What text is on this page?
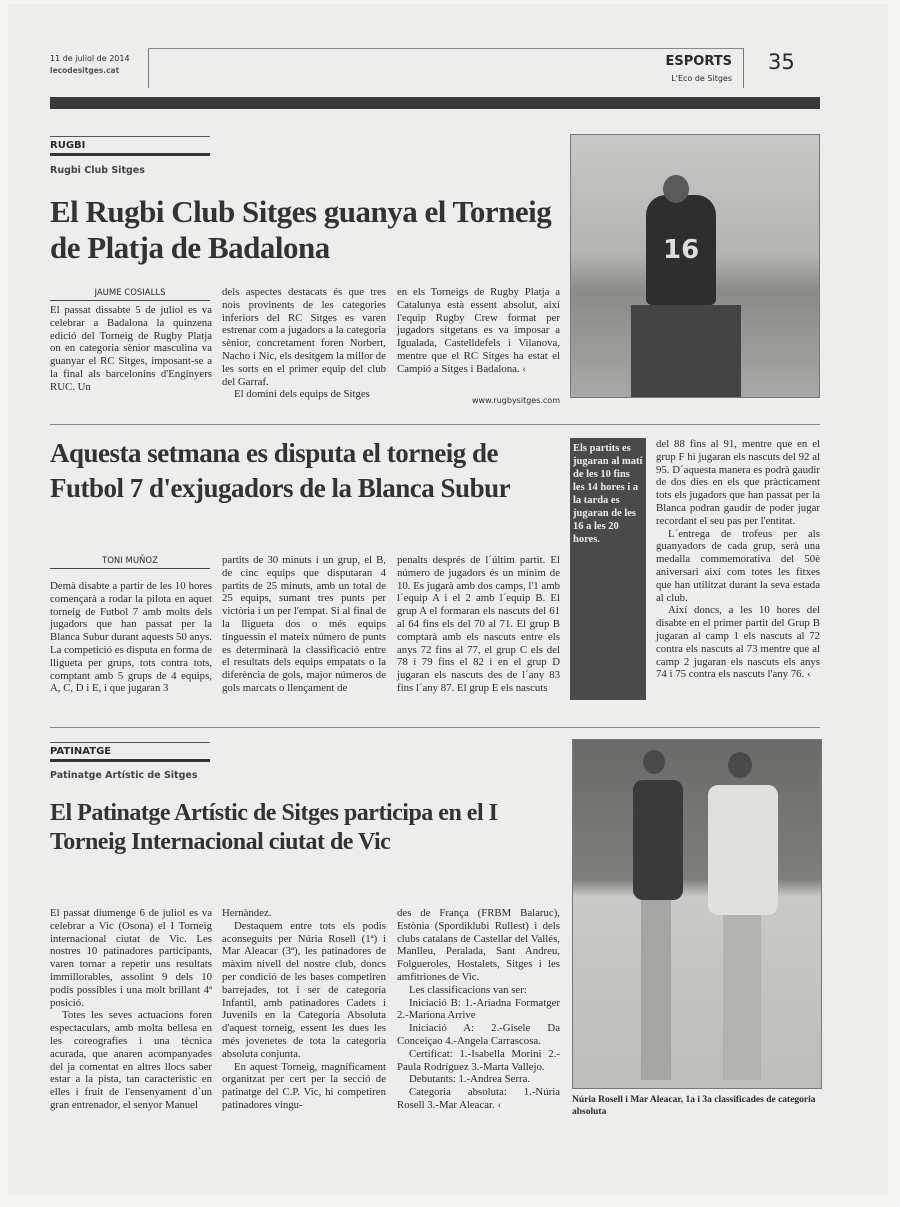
11 de juliol de 2014
lecodesitges.cat
ESPORTS
L'Eco de Sitges
35
RUGBI
Rugbi Club Sitges
El Rugbi Club Sitges guanya el Torneig de Platja de Badalona
JAUME COSIALLS

El passat dissabte 5 de juliol es va celebrar a Badalona la quinzena edició del Torneig de Rugby Platja on en categoria sènior masculina va guanyar el RC Sitges, imposant-se a la final als barcelonins d'Enginyers RUC. Un

dels aspectes destacats és que tres nois provinents de les categories inferiors del RC Sitges es varen estrenar com a jugadors a la categoria sènior, concretament foren Norbert, Nacho i Nic, els desitgem la millor de les sorts en el primer equip del club del Garraf.

El domini dels equips de Sitges

en els Torneigs de Rugby Platja a Catalunya està essent absolut, així l'equip Rugby Crew format per jugadors sitgetans es va imposar a Igualada, Castelldefels i Vilanova, mentre que el RC Sitges ha estat el Campió a Sitges i Badalona. ‹

www.rugbysitges.com
16
Aquesta setmana es disputa el torneig de Futbol 7 d'exjugadors de la Blanca Subur
TONI MUÑOZ

Demà disabte a partir de les 10 hores començarà a rodar la pilota en aquet torneig de Futbol 7 amb molts dels jugadors que han passat per la Blanca Subur durant aquests 50 anys. La competició es disputa en forma de lligueta per grups, tots contra tots, comptant amb 5 grups de 4 equips, A, C, D i E, i que jugaran 3

partits de 30 minuts i un grup, el B, de cinc equips que disputaran 4 partits de 25 minuts, amb un total de 25 equips, sumant tres punts per victòria i un per l'empat. Si al final de la lligueta dos o més equips tinguessin el mateix número de punts es determinarà la classificació entre el resultats dels equips empatats o la diferència de gols, major números de gols marcats o llençament de

penalts després de l´últim partit. El número de jugadors és un mínim de 10. Es jugarà amb dos camps, l'1 amb l´equip A i el 2 amb l´equip B. El grup A el formaran els nascuts del 61 al 64 fins els del 70 al 71. El grup B comptarà amb els nascuts entre els anys 72 fins al 77, el grup C els del 78 i 79 fins el 82 i en el grup D jugaran els nascuts des de l´any 83 fins l´any 87. El grup E els nascuts

Els partits es jugaran al matí de les 10 fins les 14 hores i a la tarda es jugaran de les 16 a les 20 hores.

del 88 fins al 91, mentre que en el grup F hi jugaran els nascuts del 92 al 95. D´aquesta manera es podrà gaudir de dos dies en els que pràcticament tots els jugadors que han passat per la Blanca podran gaudir de poder jugar recordant el seu pas per l'entitat.

L´entrega de trofeus per als guanyadors de cada grup, serà una medalla commemorativa del 50è aniversari així com totes les fitxes que han utilitzat durant la seva estada al club.

Així doncs, a les 10 hores del disabte en el primer partit del Grup B jugaran al camp 1 els nascuts al 72 contra els nascuts al 73 mentre que al camp 2 jugaran els nascuts els anys 74 i 75 contra els nascuts l'any 76. ‹

PATINATGE
Patinatge Artístic de Sitges
El Patinatge Artístic de Sitges participa en el I Torneig Internacional ciutat de Vic

El passat diumenge 6 de juliol es va celebrar a Vic (Osona) el I Torneig internacional ciutat de Vic. Les nostres 10 patinadores participants, varen tornar a repetir uns resultats immillorables, assolint 9 dels 10 podis possibles i una molt brillant 4ª posició.

Totes les seves actuacions foren espectaculars, amb molta bellesa en les coreografies i una tècnica acurada, que anaren acompanyades del ja comentat en altres llocs saber estar a la pista, tan característic en elles i fruit de l'ensenyament d`un gran entrenador, el senyor Manuel

Hernàndez.

Destaquem entre tots els podis aconseguits per Núria Rosell (1ª) i Mar Aleacar (3ª), les patinadores de màxim nivell del nostre club, doncs per condició de les bases competiren barrejades, tot i ser de categoría Infantil, amb patinadores Cadets i Juvenils en la Categoria Absoluta d'aquest torneig, essent les dues les més jovenetes de tota la categoria absoluta conjunta.

En aquest Torneig, magníficament organitzat per cert per la secció de patinatge del C.P. Vic, hi competiren patinadores vingu-

des de França (FRBM Balaruc), Estònia (Spordiklubi Rullest) i dels clubs catalans de Castellar del Vallés, Manlleu, Peralada, Sant Andreu, Folgueroles, Hostalets, Sitges i les amfitriones de Vic.

Les classificacions van ser:

Iniciació B: 1.-Ariadna Formatger 2.-Mariona Arrive

Iniciació A: 2.-Gisele Da Conceiçao 4.-Angela Carrascosa.

Certificat: 1.-Isabella Morini 2.-Paula Rodríguez 3.-Marta Vallejo.

Debutants: 1.-Andrea Serra.

Categoria absoluta: 1.-Núria Rosell 3.-Mar Aleacar. ‹	Núria Rosell i Mar Aleacar, 1a i 3a classificades de categoria absoluta
